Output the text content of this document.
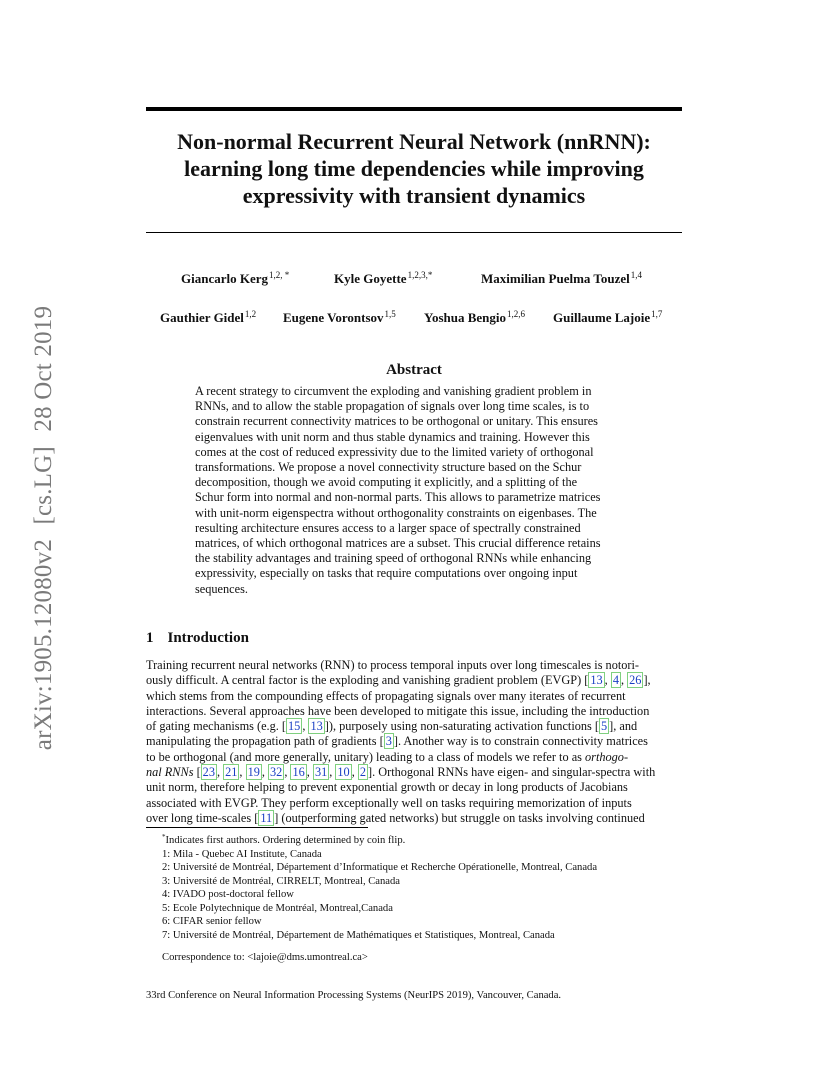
arXiv:1905.12080v2 [cs.LG] 28 Oct 2019
Non-normal Recurrent Neural Network (nnRNN):
learning long time dependencies while improving
expressivity with transient dynamics
Giancarlo Kerg$^{1,2, *}$	Kyle Goyette$^{1,2,3,*}$	Maximilian Puelma Touzel$^{1,4}$
Gauthier Gidel$^{1,2}$ Eugene Vorontsov$^{1,5}$ Yoshua Bengio$^{1,2,6}$ Guillaume Lajoie$^{1,7}$
Abstract
A recent strategy to circumvent the exploding and vanishing gradient problem in
RNNs, and to allow the stable propagation of signals over long time scales, is to
constrain recurrent connectivity matrices to be orthogonal or unitary. This ensures
eigenvalues with unit norm and thus stable dynamics and training. However this
comes at the cost of reduced expressivity due to the limited variety of orthogonal
transformations. We propose a novel connectivity structure based on the Schur
decomposition, though we avoid computing it explicitly, and a splitting of the
Schur form into normal and non-normal parts. This allows to parametrize matrices
with unit-norm eigenspectra without orthogonality constraints on eigenbases. The
resulting architecture ensures access to a larger space of spectrally constrained
matrices, of which orthogonal matrices are a subset. This crucial difference retains
the stability advantages and training speed of orthogonal RNNs while enhancing
expressivity, especially on tasks that require computations over ongoing input
sequences.
1 Introduction
Training recurrent neural networks (RNN) to process temporal inputs over long timescales is notori-
ously difficult. A central factor is the exploding and vanishing gradient problem (EVGP) [ 13 , 4 , 26 ],
which stems from the compounding effects of propagating signals over many iterates of recurrent
interactions. Several approaches have been developed to mitigate this issue, including the introduction
of gating mechanisms (e.g. [ 15 , 13 ]), purposely using non-saturating activation functions [ 5 ], and
manipulating the propagation path of gradients [ 3 ]. Another way is to constrain connectivity matrices
to be orthogonal (and more generally, unitary) leading to a class of models we refer to as orthogo-
nal RNNs [ 23 , 21 , 19 , 32 , 16 , 31 , 10 , 2 ]. Orthogonal RNNs have eigen- and singular-spectra with
unit norm, therefore helping to prevent exponential growth or decay in long products of Jacobians
associated with EVGP. They perform exceptionally well on tasks requiring memorization of inputs
over long time-scales [ 11 ] (outperforming gated networks) but struggle on tasks involving continued
*Indicates first authors. Ordering determined by coin flip.
1: Mila - Quebec AI Institute, Canada
2: Université de Montréal, Département d’Informatique et Recherche Opérationelle, Montreal, Canada
3: Université de Montréal, CIRRELT, Montreal, Canada
4: IVADO post-doctoral fellow
5: Ecole Polytechnique de Montréal, Montreal,Canada
6: CIFAR senior fellow
7: Université de Montréal, Département de Mathématiques et Statistiques, Montreal, Canada
Correspondence to: <lajoie@dms.umontreal.ca>
33rd Conference on Neural Information Processing Systems (NeurIPS 2019), Vancouver, Canada.
